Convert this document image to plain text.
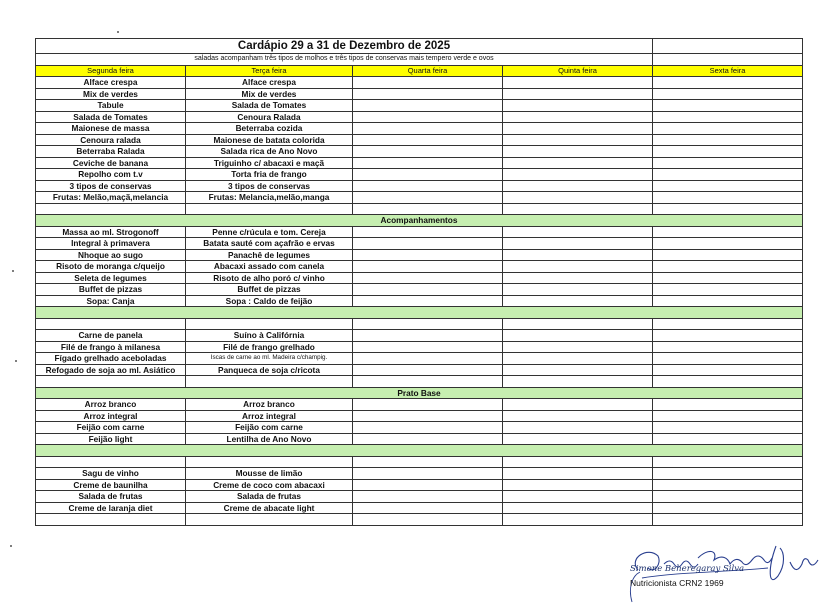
Cardápio 29 a 31 de Dezembro de 2025				
saladas acompanham três tipos de molhos e três tipos de conservas mais tempero verde e ovos				
Segunda feira	Terça feira	Quarta feira	Quinta feira	Sexta feira
Alface crespa	Alface crespa			
Mix de verdes	Mix de verdes			
Tabule	Salada de Tomates			
Salada de Tomates	Cenoura Ralada			
Maionese de massa	Beterraba cozida			
Cenoura ralada	Maionese de batata colorida			
Beterraba Ralada	Salada rica de Ano Novo			
Ceviche de banana	Triguinho c/ abacaxi e maçã			
Repolho com t.v	Torta fria de frango			
3 tipos de conservas	3 tipos de conservas			
Frutas: Melão,maçã,melancia	Frutas: Melancia,melão,manga			

Acompanhamentos				
Massa ao ml. Strogonoff	Penne c/rúcula e tom. Cereja			
Integral à primavera	Batata sauté com açafrão e ervas			
Nhoque ao sugo	Panachê de legumes			
Risoto de moranga c/queijo	Abacaxi assado com canela			
Seleta de legumes	Risoto de alho poró c/ vinho			
Buffet de pizzas	Buffet de pizzas			
Sopa: Canja	Sopa : Caldo de feijão			

Carne de panela	Suíno à Califórnia			
Filé de frango à milanesa	Filé de frango grelhado			
Fígado grelhado aceboladas	Iscas de carne ao ml. Madeira c/champig.			
Refogado de soja ao ml. Asiático	Panqueca de soja c/ricota			

Prato Base				
Arroz branco	Arroz branco			
Arroz integral	Arroz integral			
Feijão com carne	Feijão com carne			
Feijão light	Lentilha de Ano Novo			

Sagu de vinho	Mousse de limão			
Creme de baunilha	Creme de coco com abacaxi			
Salada de frutas	Salada de frutas			
Creme de laranja diet	Creme de abacate light			

Simone Beheregaray Silva
Nutricionista CRN2 1969
